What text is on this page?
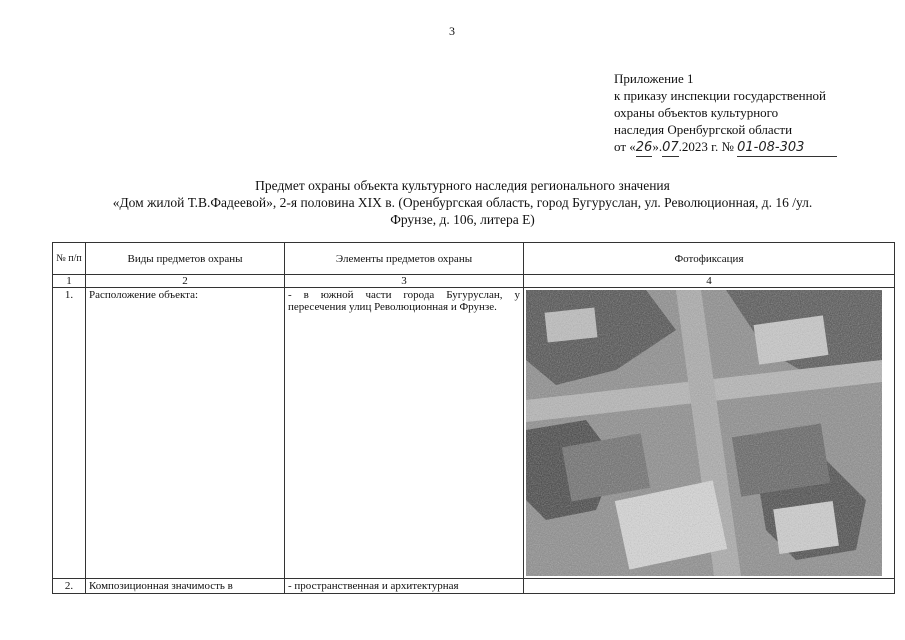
3
Приложение 1
к приказу инспекции государственной
охраны объектов культурного
наследия Оренбургской области
от «26».07.2023 г. № 01-08-303
Предмет охраны объекта культурного наследия регионального значения
«Дом жилой Т.В.Фадеевой», 2-я половина XIX в. (Оренбургская область, город Бугуруслан, ул. Революционная, д. 16 /ул.
Фрунзе, д. 106, литера Е)
№ п/п	Виды предметов охраны	Элементы предметов охраны	Фотофиксация
1	2	3	4
1.	Расположение объекта:	- в южной части города Бугуруслан, у пересечения улиц Революционная и Фрунзе.	

2.	Композиционная значимость в	- пространственная и архитектурная	
